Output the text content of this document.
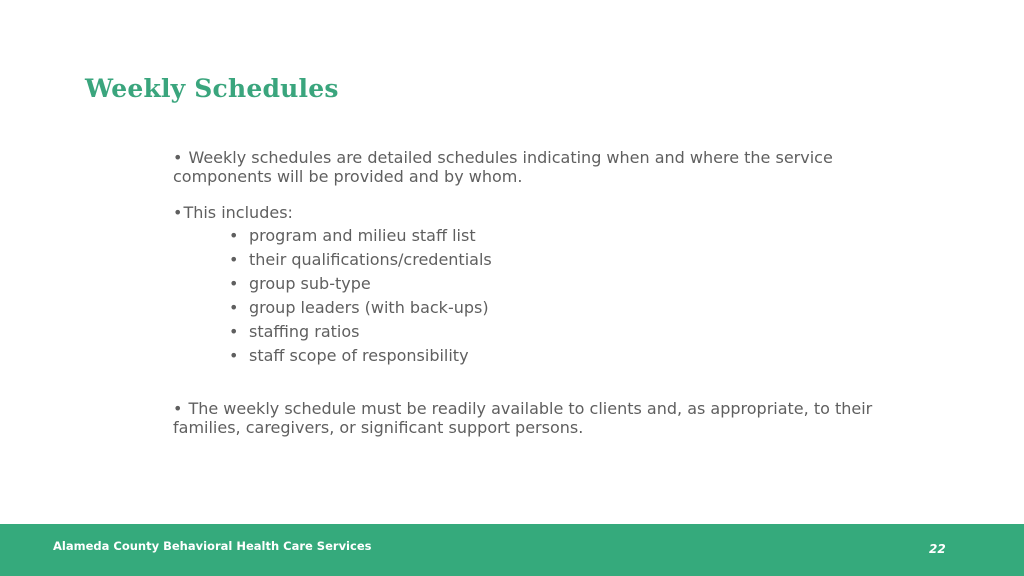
Weekly Schedules

• Weekly schedules are detailed schedules indicating when and where the service components will be provided and by whom.

•This includes:

• program and milieu staff list
• their qualifications/credentials
• group sub-type
• group leaders (with back-ups)
• staffing ratios
• staff scope of responsibility

• The weekly schedule must be readily available to clients and, as appropriate, to their families, caregivers, or significant support persons.

Alameda County Behavioral Health Care Services	22
